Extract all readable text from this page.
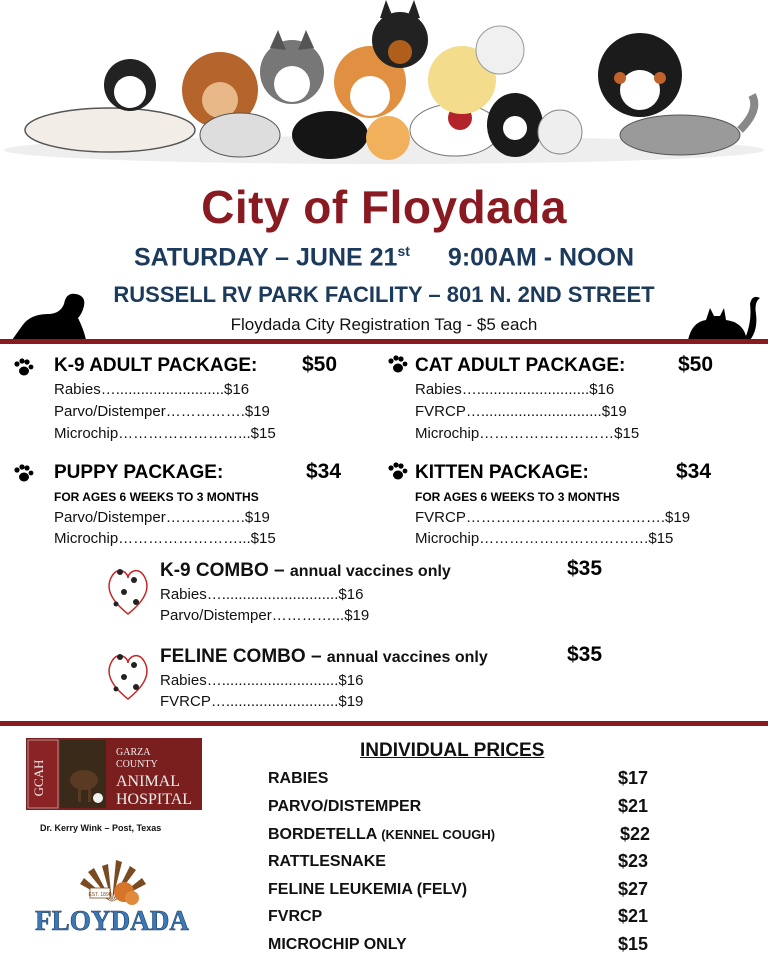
City of Floydada
SATURDAY – JUNE 21st 9:00AM - NOON
RUSSELL RV PARK FACILITY – 801 N. 2ND STREET
Floydada City Registration Tag - $5 each
K-9 ADULT PACKAGE: $50
Rabies…..........................$16
Parvo/Distemper…………….$19
Microchip……………………...$15
CAT ADULT PACKAGE:	$50
Rabies…...........................$16
FVRCP….............................$19
Microchip………………………$15
PUPPY PACKAGE:	$34
FOR AGES 6 WEEKS TO 3 MONTHS
Parvo/Distemper…………….$19
Microchip……………………...$15
KITTEN PACKAGE:	$34
FOR AGES 6 WEEKS TO 3 MONTHS
FVRCP………………………………….$19
Microchip…………………………….$15
K-9 COMBO – annual vaccines only	$35
Rabies…............................$16
Parvo/Distemper…………...$19
FELINE COMBO – annual vaccines only	$35
Rabies…............................$16
FVRCP…...........................$19
GCAH
GARZA
COUNTY
ANIMAL
HOSPITAL
Dr. Kerry Wink – Post, Texas
EST. 1890
FLOYDADA
INDIVIDUAL PRICES
RABIES	$17
PARVO/DISTEMPER	$21
BORDETELLA (KENNEL COUGH)	$22
RATTLESNAKE	$23
FELINE LEUKEMIA (FELV)	$27
FVRCP	$21
MICROCHIP ONLY	$15
